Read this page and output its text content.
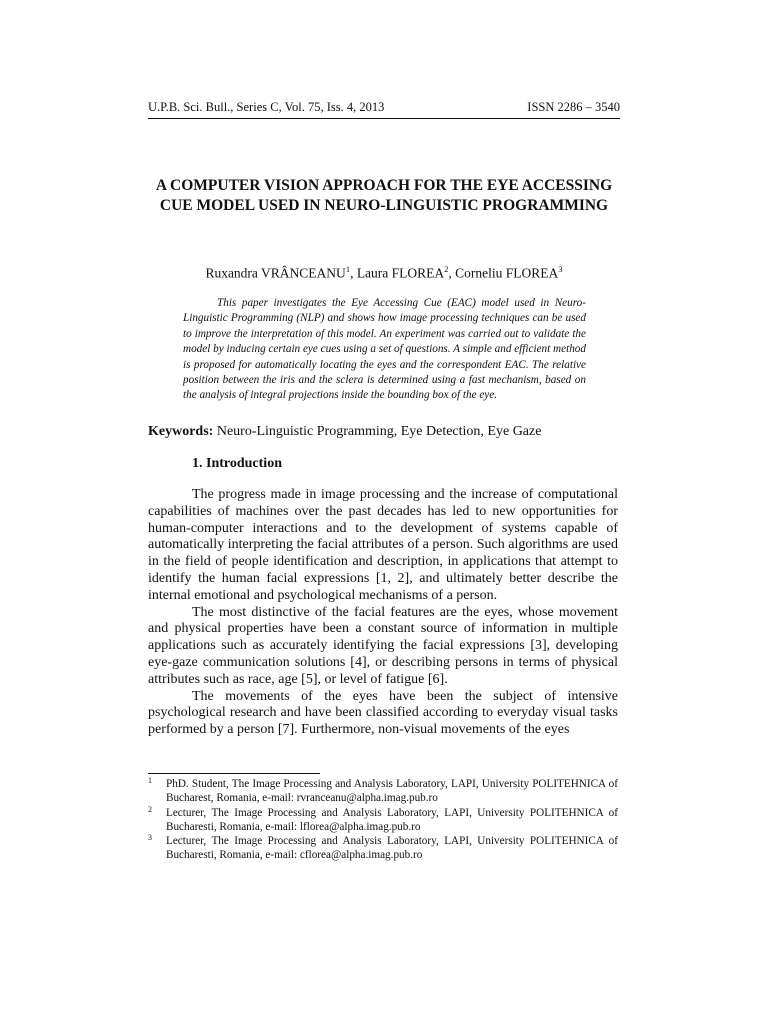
U.P.B. Sci. Bull., Series C, Vol. 75, Iss. 4, 2013	ISSN 2286 – 3540
A COMPUTER VISION APPROACH FOR THE EYE ACCESSING CUE MODEL USED IN NEURO-LINGUISTIC PROGRAMMING
Ruxandra VRÂNCEANU$^1$, Laura FLOREA$^2$, Corneliu FLOREA$^3$

This paper investigates the Eye Accessing Cue (EAC) model used in Neuro-Linguistic Programming (NLP) and shows how image processing techniques can be used to improve the interpretation of this model. An experiment was carried out to validate the model by inducing certain eye cues using a set of questions. A simple and efficient method is proposed for automatically locating the eyes and the correspondent EAC. The relative position between the iris and the sclera is determined using a fast mechanism, based on the analysis of integral projections inside the bounding box of the eye.

Keywords: Neuro-Linguistic Programming, Eye Detection, Eye Gaze
1. Introduction

The progress made in image processing and the increase of computational capabilities of machines over the past decades has led to new opportunities for human-computer interactions and to the development of systems capable of automatically interpreting the facial attributes of a person. Such algorithms are used in the field of people identification and description, in applications that attempt to identify the human facial expressions [1, 2], and ultimately better describe the internal emotional and psychological mechanisms of a person.

The most distinctive of the facial features are the eyes, whose movement and physical properties have been a constant source of information in multiple applications such as accurately identifying the facial expressions [3], developing eye-gaze communication solutions [4], or describing persons in terms of physical attributes such as race, age [5], or level of fatigue [6].

The movements of the eyes have been the subject of intensive psychological research and have been classified according to everyday visual tasks performed by a person [7]. Furthermore, non-visual movements of the eyes

1 PhD. Student, The Image Processing and Analysis Laboratory, LAPI, University POLITEHNICA of Bucharest, Romania, e-mail: rvranceanu@alpha.imag.pub.ro
2 Lecturer, The Image Processing and Analysis Laboratory, LAPI, University POLITEHNICA of Bucharesti, Romania, e-mail: lflorea@alpha.imag.pub.ro
3 Lecturer, The Image Processing and Analysis Laboratory, LAPI, University POLITEHNICA of Bucharesti, Romania, e-mail: cflorea@alpha.imag.pub.ro
